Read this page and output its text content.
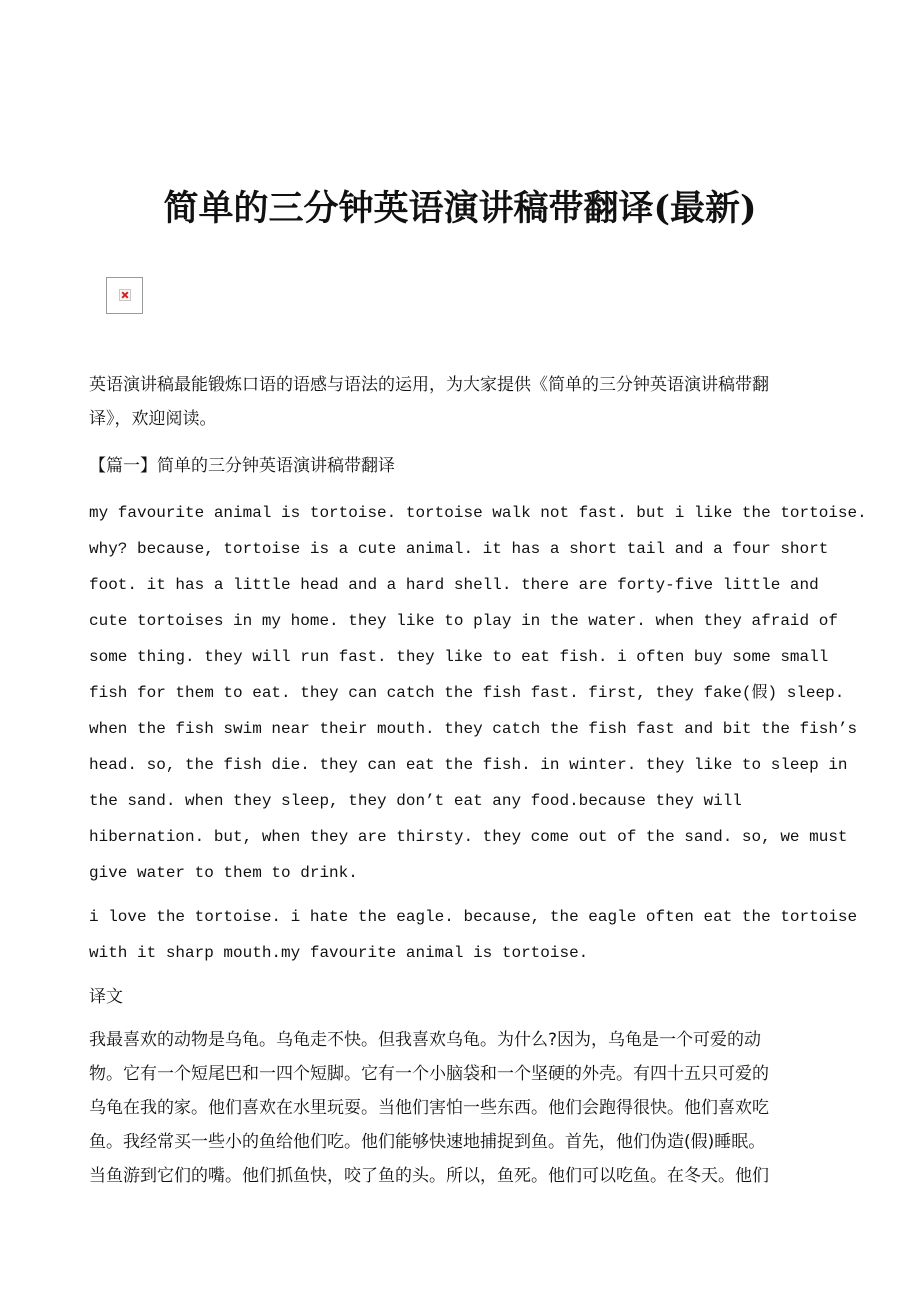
简单的三分钟英语演讲稿带翻译(最新)
英语演讲稿最能锻炼口语的语感与语法的运用，为大家提供《简单的三分钟英语演讲稿带翻
译》，欢迎阅读。
【篇一】简单的三分钟英语演讲稿带翻译
my favourite animal is tortoise. tortoise walk not fast. but i like the tortoise.
why? because, tortoise is a cute animal. it has a short tail and a four short
foot. it has a little head and a hard shell. there are forty-five little and
cute tortoises in my home. they like to play in the water. when they afraid of
some thing. they will run fast. they like to eat fish. i often buy some small
fish for them to eat. they can catch the fish fast. first, they fake(假) sleep.
when the fish swim near their mouth. they catch the fish fast and bit the fish’s
head. so, the fish die. they can eat the fish. in winter. they like to sleep in
the sand. when they sleep, they don’t eat any food.because they will
hibernation. but, when they are thirsty. they come out of the sand. so, we must
give water to them to drink.
i love the tortoise. i hate the eagle. because, the eagle often eat the tortoise
with it sharp mouth.my favourite animal is tortoise.
译文
我最喜欢的动物是乌龟。乌龟走不快。但我喜欢乌龟。为什么?因为，乌龟是一个可爱的动
物。它有一个短尾巴和一四个短脚。它有一个小脑袋和一个坚硬的外壳。有四十五只可爱的
乌龟在我的家。他们喜欢在水里玩耍。当他们害怕一些东西。他们会跑得很快。他们喜欢吃
鱼。我经常买一些小的鱼给他们吃。他们能够快速地捕捉到鱼。首先，他们伪造(假)睡眠。
当鱼游到它们的嘴。他们抓鱼快，咬了鱼的头。所以，鱼死。他们可以吃鱼。在冬天。他们
